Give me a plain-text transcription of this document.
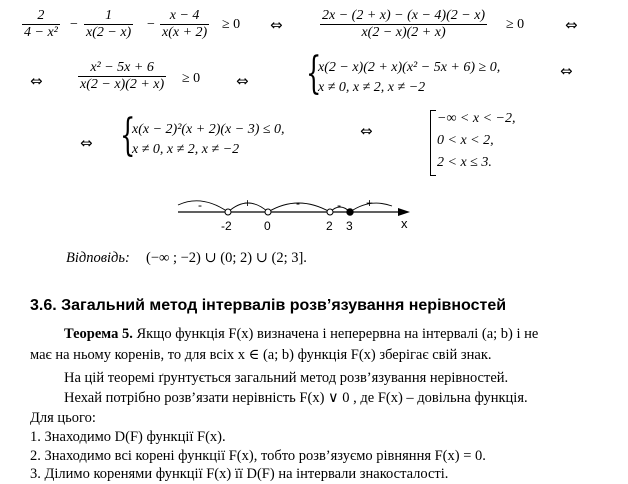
$\frac{2}{\text{4 − x²}} - \frac{1}{x(2 - x)} - \frac{x - 4}{x(x + 2)} \ge 0$ ⇔	$\frac{2x - (2 + x) - (x - 4)(2 - x)}{x(2 - x)(2 + x)} \ge 0$	⇔
⇔	$\frac{\text{x² − 5x + 6}}{x(2 - x)(2 + x)} \ge 0$ ⇔ {
x(2 − x)(2 + x)(x² − 5x + 6) ≥ 0,
x ≠ 0, x ≠ 2, x ≠ −2
⇔
⇔ {
x(x − 2)²(x + 2)(x − 3) ≤ 0,
x ≠ 0, x ≠ 2, x ≠ −2
⇔
−∞ < x < −2,
0 < x < 2,
2 < x ≤ 3.
-	+	-	- +
-2	0	2 3	x
Відповідь: (−∞ ; −2) ∪ (0; 2) ∪ (2; 3].
3.6. Загальний метод інтервалів розв’язування нерівностей
Теорема 5. Якщо функція F(x) визначена і неперервна на інтервалі (a; b) і не
має на ньому коренів, то для всіх x ∈ (a; b) функція F(x) зберігає свій знак.
На цій теоремі ґрунтується загальний метод розв’язування нерівностей.
Нехай потрібно розв’язати нерівність F(x) ∨ 0 , де F(x) – довільна функція.
Для цього:
1. Знаходимо D(F) функції F(x).
2. Знаходимо всі корені функції F(x), тобто розв’язуємо рівняння F(x) = 0.
3. Ділимо коренями функції F(x) її D(F) на інтервали знакосталості.
